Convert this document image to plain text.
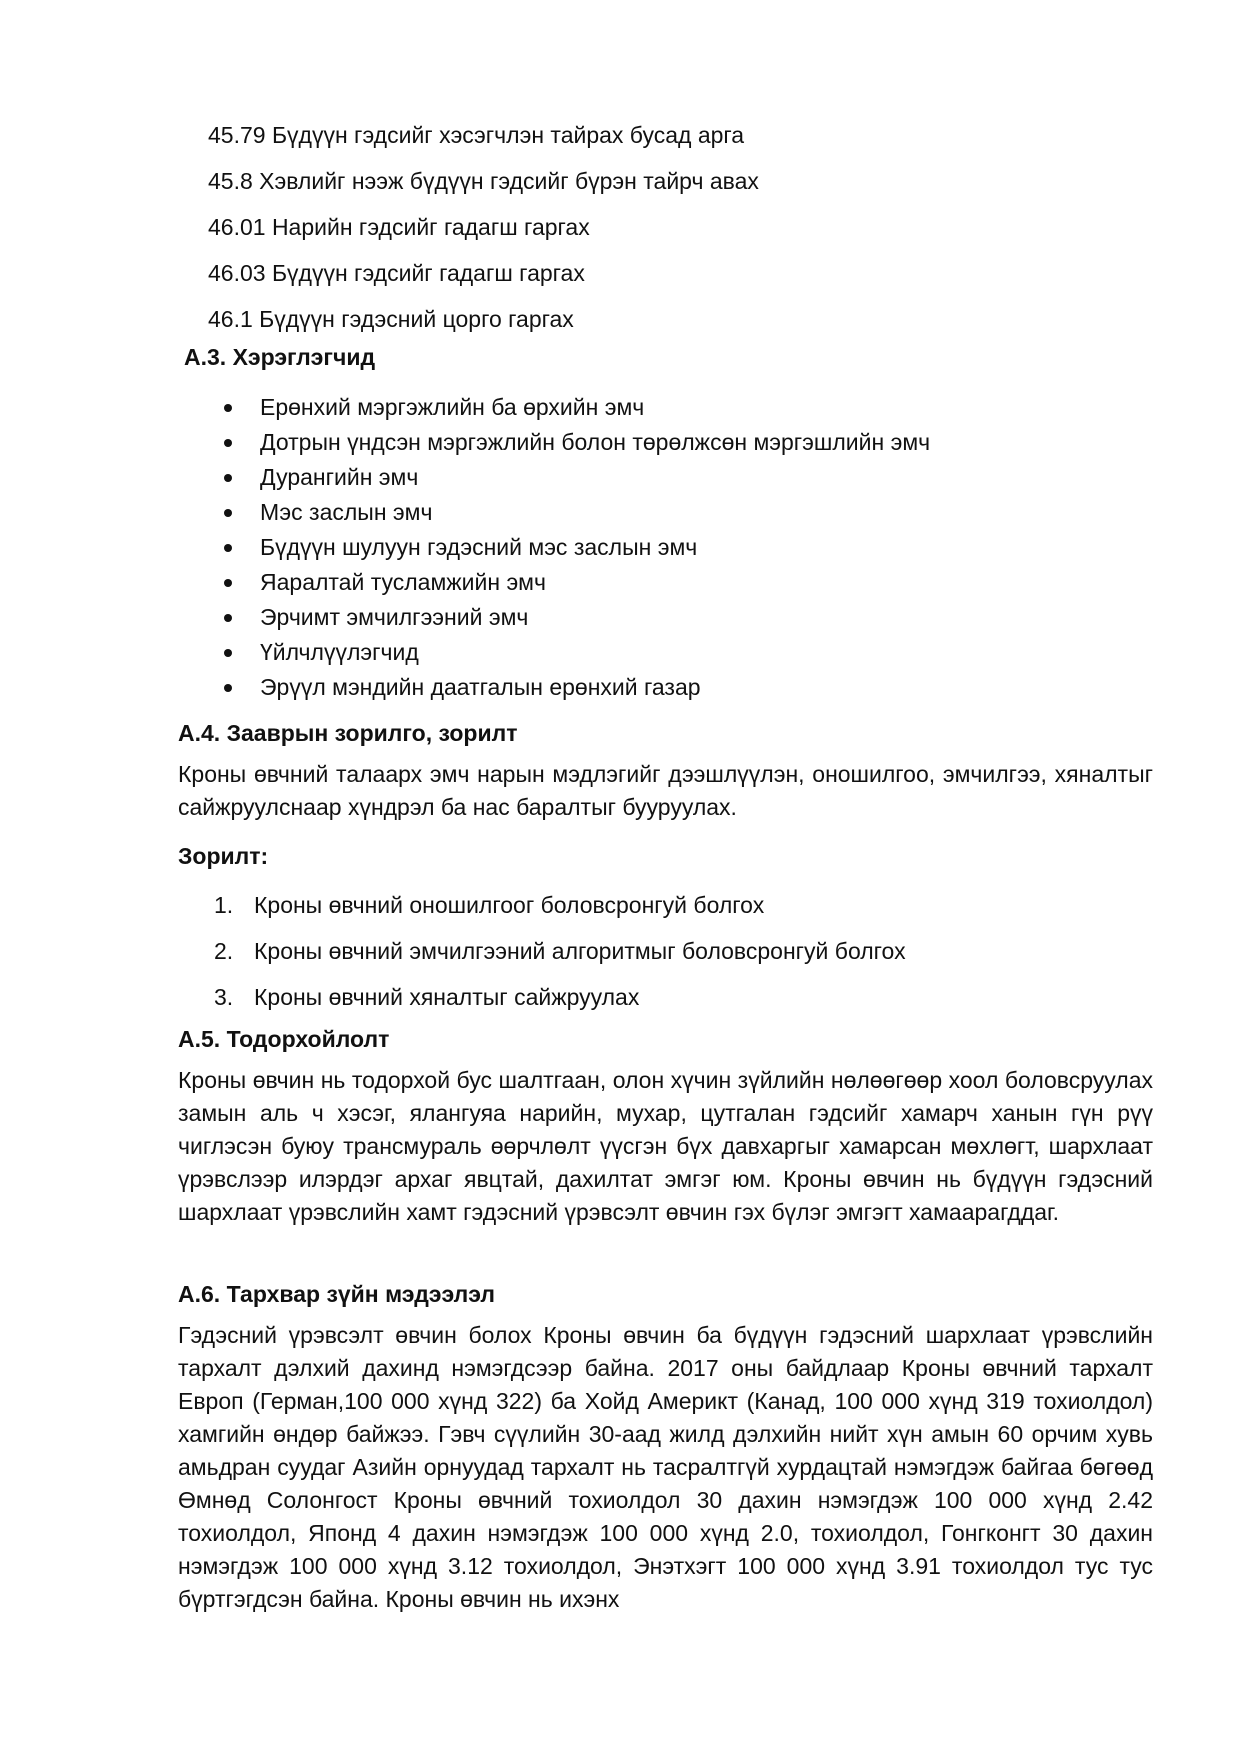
45.79 Бүдүүн гэдсийг хэсэгчлэн тайрах бусад арга
45.8 Хэвлийг нээж бүдүүн гэдсийг бүрэн тайрч авах
46.01 Нарийн гэдсийг гадагш гаргах
46.03 Бүдүүн гэдсийг гадагш гаргах
46.1 Бүдүүн гэдэсний цорго гаргах
А.3. Хэрэглэгчид
Ерөнхий мэргэжлийн ба өрхийн эмч
Дотрын үндсэн мэргэжлийн болон төрөлжсөн мэргэшлийн эмч
Дурангийн эмч
Мэс заслын эмч
Бүдүүн шулуун гэдэсний мэс заслын эмч
Яаралтай тусламжийн эмч
Эрчимт эмчилгээний эмч
Үйлчлүүлэгчид
Эрүүл мэндийн даатгалын ерөнхий газар
А.4. Зааврын зорилго, зорилт

Кроны өвчний талаарх эмч нарын мэдлэгийг дээшлүүлэн, оношилгоо, эмчилгээ, хяналтыг сайжруулснаар хүндрэл ба нас баралтыг бууруулах.

Зорилт:
1. Кроны өвчний оношилгоог боловсронгуй болгох
2. Кроны өвчний эмчилгээний алгоритмыг боловсронгуй болгох
3. Кроны өвчний хяналтыг сайжруулах
А.5. Тодорхойлолт

Кроны өвчин нь тодорхой бус шалтгаан, олон хүчин зүйлийн нөлөөгөөр хоол боловсруулах замын аль ч хэсэг, ялангуяа нарийн, мухар, цутгалан гэдсийг хамарч ханын гүн рүү чиглэсэн буюу трансмураль өөрчлөлт үүсгэн бүх давхаргыг хамарсан мөхлөгт, шархлаат үрэвслээр илэрдэг архаг явцтай, дахилтат эмгэг юм. Кроны өвчин нь бүдүүн гэдэсний шархлаат үрэвслийн хамт гэдэсний үрэвсэлт өвчин гэх бүлэг эмгэгт хамаарагддаг.

А.6. Тархвар зүйн мэдээлэл

Гэдэсний үрэвсэлт өвчин болох Кроны өвчин ба бүдүүн гэдэсний шархлаат үрэвслийн тархалт дэлхий дахинд нэмэгдсээр байна. 2017 оны байдлаар Кроны өвчний тархалт Европ (Герман,100 000 хүнд 322) ба Хойд Америкт (Канад, 100 000 хүнд 319 тохиолдол) хамгийн өндөр байжээ. Гэвч сүүлийн 30-аад жилд дэлхийн нийт хүн амын 60 орчим хувь амьдран суудаг Азийн орнуудад тархалт нь тасралтгүй хурдацтай нэмэгдэж байгаа бөгөөд Өмнөд Солонгост Кроны өвчний тохиолдол 30 дахин нэмэгдэж 100 000 хүнд 2.42 тохиолдол, Японд 4 дахин нэмэгдэж 100 000 хүнд 2.0, тохиолдол, Гонгконгт 30 дахин нэмэгдэж 100 000 хүнд 3.12 тохиолдол, Энэтхэгт 100 000 хүнд 3.91 тохиолдол тус тус бүртгэгдсэн байна. Кроны өвчин нь ихэнх
